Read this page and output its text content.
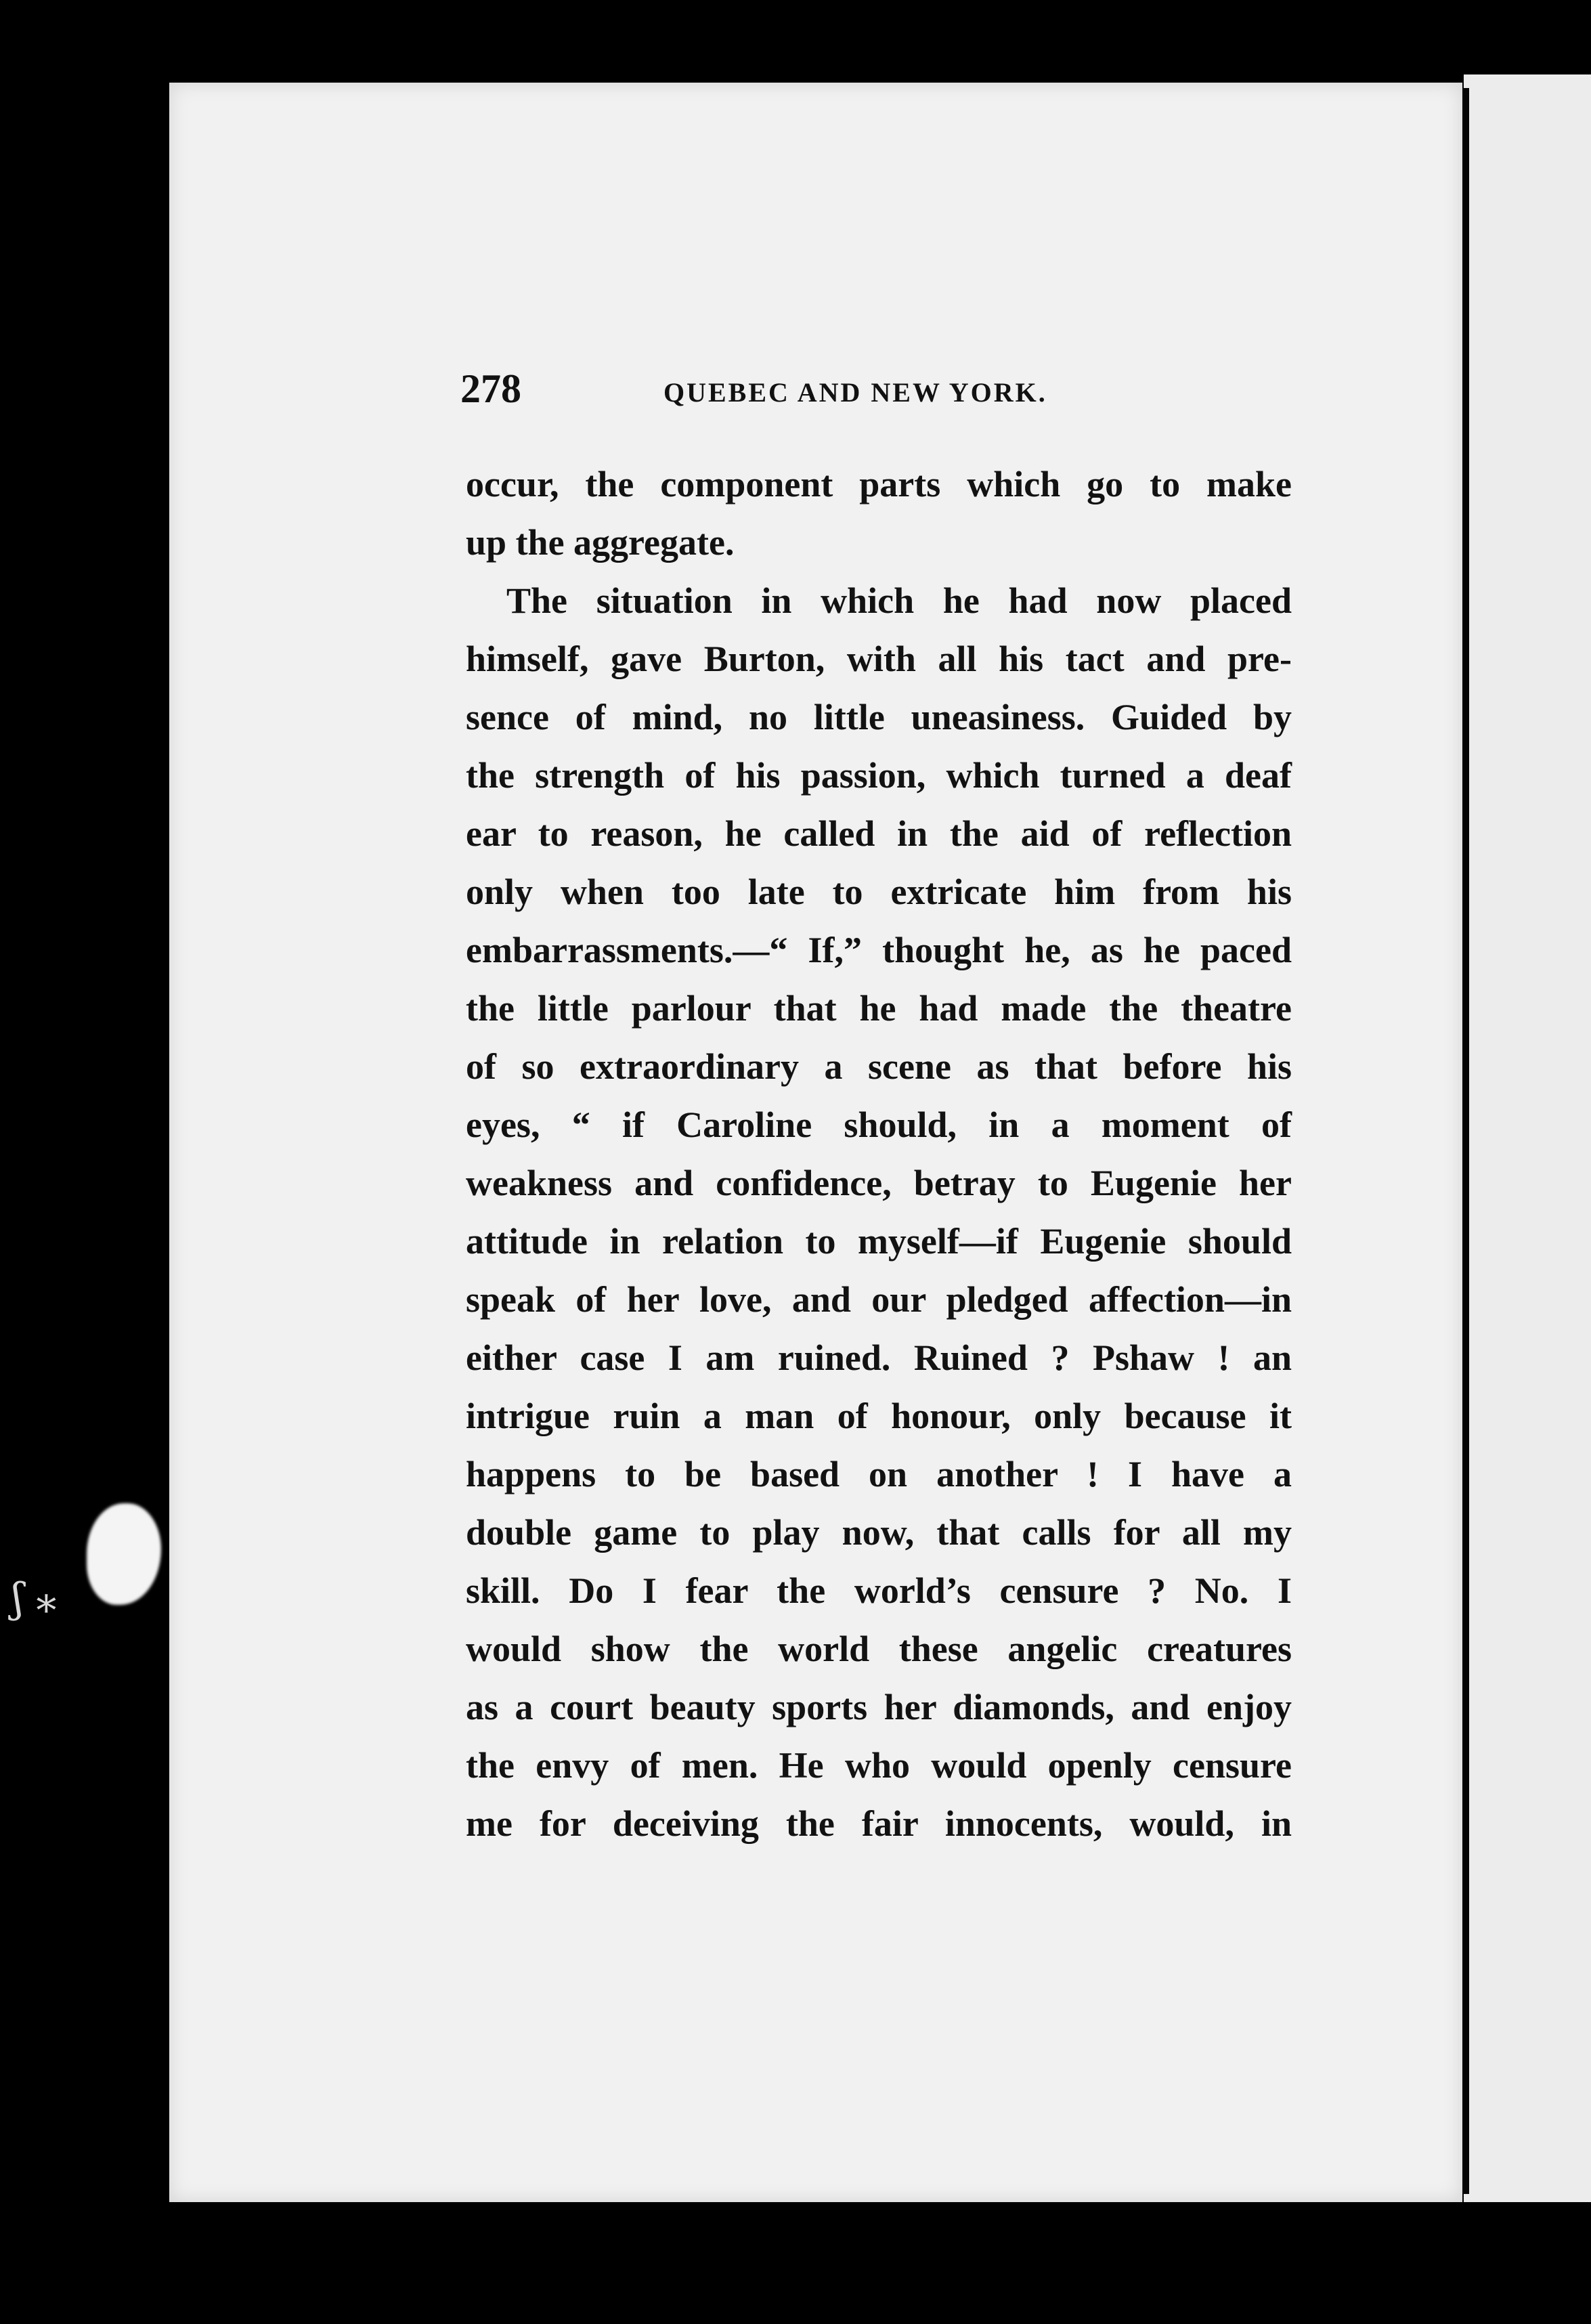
ʃ ⁎
278	QUEBEC AND NEW YORK.
occur, the component parts which go to make
up the aggregate.
The situation in which he had now placed
himself, gave Burton, with all his tact and pre-
sence of mind, no little uneasiness. Guided by
the strength of his passion, which turned a deaf
ear to reason, he called in the aid of reflection
only when too late to extricate him from his
embarrassments.—“ If,” thought he, as he paced
the little parlour that he had made the theatre
of so extraordinary a scene as that before his
eyes, “ if Caroline should, in a moment of
weakness and confidence, betray to Eugenie her
attitude in relation to myself—if Eugenie should
speak of her love, and our pledged affection—in
either case I am ruined. Ruined ? Pshaw ! an
intrigue ruin a man of honour, only because it
happens to be based on another ! I have a
double game to play now, that calls for all my
skill. Do I fear the world’s censure ? No. I
would show the world these angelic creatures
as a court beauty sports her diamonds, and enjoy
the envy of men. He who would openly censure
me for deceiving the fair innocents, would, in
